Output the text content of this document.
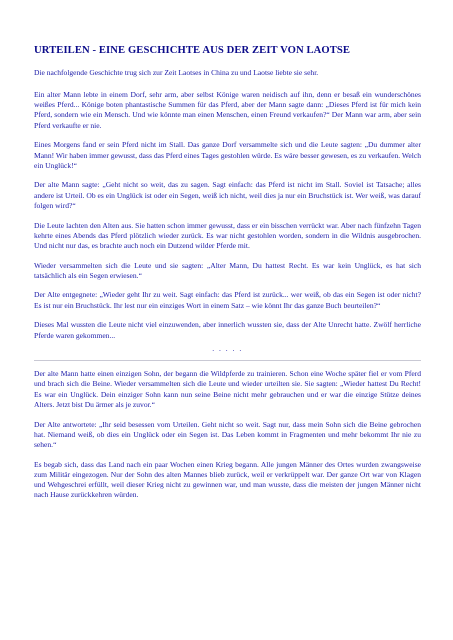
URTEILEN - EINE GESCHICHTE AUS DER ZEIT VON LAOTSE

Die nachfolgende Geschichte trug sich zur Zeit Laotses in China zu und Laotse liebte sie sehr.

Ein alter Mann lebte in einem Dorf, sehr arm, aber selbst Könige waren neidisch auf ihn, denn er besaß ein wunderschönes weißes Pferd... Könige boten phantastische Summen für das Pferd, aber der Mann sagte dann: „Dieses Pferd ist für mich kein Pferd, sondern wie ein Mensch. Und wie könnte man einen Menschen, einen Freund verkaufen?“ Der Mann war arm, aber sein Pferd verkaufte er nie.

Eines Morgens fand er sein Pferd nicht im Stall. Das ganze Dorf versammelte sich und die Leute sagten: „Du dummer alter Mann! Wir haben immer gewusst, dass das Pferd eines Tages gestohlen würde. Es wäre besser gewesen, es zu verkaufen. Welch ein Unglück!“

Der alte Mann sagte: „Geht nicht so weit, das zu sagen. Sagt einfach: das Pferd ist nicht im Stall. Soviel ist Tatsache; alles andere ist Urteil. Ob es ein Unglück ist oder ein Segen, weiß ich nicht, weil dies ja nur ein Bruchstück ist. Wer weiß, was darauf folgen wird?“

Die Leute lachten den Alten aus. Sie hatten schon immer gewusst, dass er ein bisschen verrückt war. Aber nach fünfzehn Tagen kehrte eines Abends das Pferd plötzlich wieder zurück. Es war nicht gestohlen worden, sondern in die Wildnis ausgebrochen. Und nicht nur das, es brachte auch noch ein Dutzend wilder Pferde mit.

Wieder versammelten sich die Leute und sie sagten: „Alter Mann, Du hattest Recht. Es war kein Unglück, es hat sich tatsächlich als ein Segen erwiesen.“

Der Alte entgegnete: „Wieder geht Ihr zu weit. Sagt einfach: das Pferd ist zurück... wer weiß, ob das ein Segen ist oder nicht? Es ist nur ein Bruchstück. Ihr lest nur ein einziges Wort in einem Satz – wie könnt Ihr das ganze Buch beurteilen?“

Dieses Mal wussten die Leute nicht viel einzuwenden, aber innerlich wussten sie, dass der Alte Unrecht hatte. Zwölf herrliche Pferde waren gekommen...

. . . . .

Der alte Mann hatte einen einzigen Sohn, der begann die Wildpferde zu trainieren. Schon eine Woche später fiel er vom Pferd und brach sich die Beine. Wieder versammelten sich die Leute und wieder urteilten sie. Sie sagten: „Wieder hattest Du Recht! Es war ein Unglück. Dein einziger Sohn kann nun seine Beine nicht mehr gebrauchen und er war die einzige Stütze deines Alters. Jetzt bist Du ärmer als je zuvor.“

Der Alte antwortete: „Ihr seid besessen vom Urteilen. Geht nicht so weit. Sagt nur, dass mein Sohn sich die Beine gebrochen hat. Niemand weiß, ob dies ein Unglück oder ein Segen ist. Das Leben kommt in Fragmenten und mehr bekommt Ihr nie zu sehen.“

Es begab sich, dass das Land nach ein paar Wochen einen Krieg begann. Alle jungen Männer des Ortes wurden zwangsweise zum Militär eingezogen. Nur der Sohn des alten Mannes blieb zurück, weil er verkrüppelt war. Der ganze Ort war von Klagen und Wehgeschrei erfüllt, weil dieser Krieg nicht zu gewinnen war, und man wusste, dass die meisten der jungen Männer nicht nach Hause zurückkehren würden.
